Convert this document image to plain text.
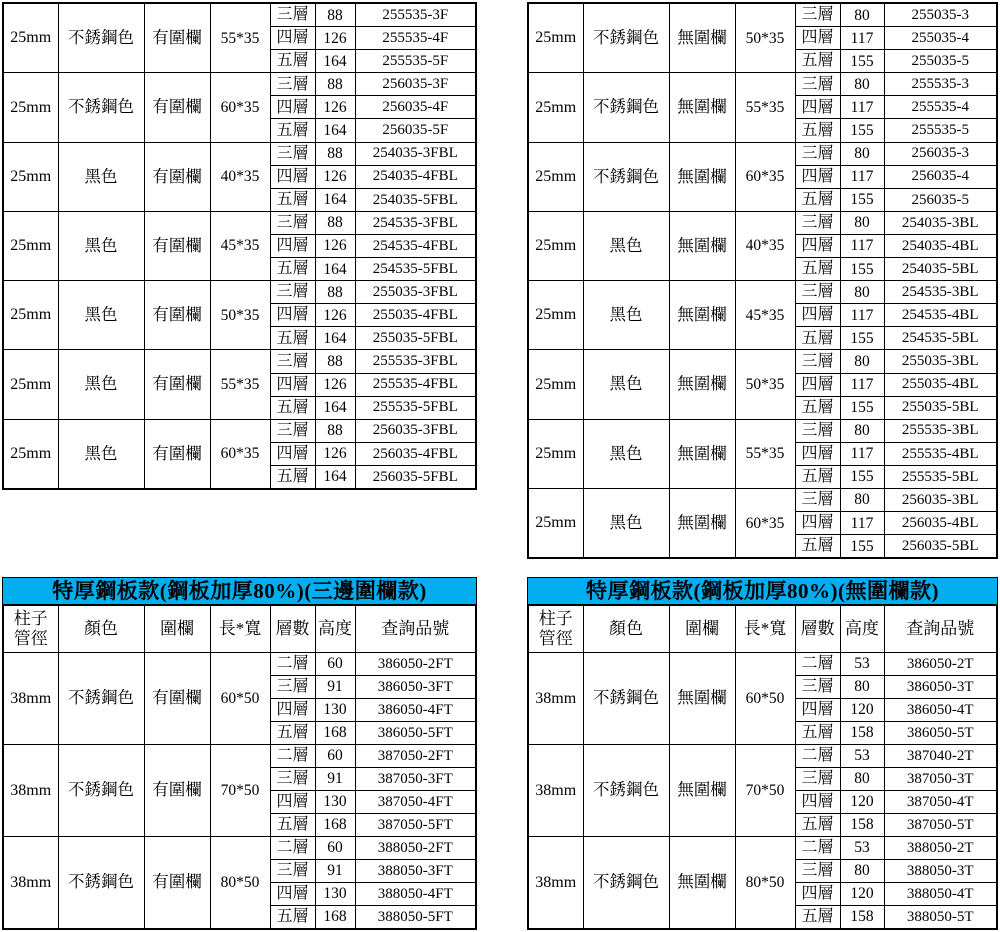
25mm	不銹鋼色	有圍欄	55*35	三層	88	255535-3F
				四層	126	255535-4F
				五層	164	255535-5F
25mm	不銹鋼色	有圍欄	60*35	三層	88	256035-3F
				四層	126	256035-4F
				五層	164	256035-5F
25mm	黑色	有圍欄	40*35	三層	88	254035-3FBL
				四層	126	254035-4FBL
				五層	164	254035-5FBL
25mm	黑色	有圍欄	45*35	三層	88	254535-3FBL
				四層	126	254535-4FBL
				五層	164	254535-5FBL
25mm	黑色	有圍欄	50*35	三層	88	255035-3FBL
				四層	126	255035-4FBL
				五層	164	255035-5FBL
25mm	黑色	有圍欄	55*35	三層	88	255535-3FBL
				四層	126	255535-4FBL
				五層	164	255535-5FBL
25mm	黑色	有圍欄	60*35	三層	88	256035-3FBL
				四層	126	256035-4FBL
				五層	164	256035-5FBL
25mm	不銹鋼色	無圍欄	50*35	三層	80	255035-3
				四層	117	255035-4
				五層	155	255035-5
25mm	不銹鋼色	無圍欄	55*35	三層	80	255535-3
				四層	117	255535-4
				五層	155	255535-5
25mm	不銹鋼色	無圍欄	60*35	三層	80	256035-3
				四層	117	256035-4
				五層	155	256035-5
25mm	黑色	無圍欄	40*35	三層	80	254035-3BL
				四層	117	254035-4BL
				五層	155	254035-5BL
25mm	黑色	無圍欄	45*35	三層	80	254535-3BL
				四層	117	254535-4BL
				五層	155	254535-5BL
25mm	黑色	無圍欄	50*35	三層	80	255035-3BL
				四層	117	255035-4BL
				五層	155	255035-5BL
25mm	黑色	無圍欄	55*35	三層	80	255535-3BL
				四層	117	255535-4BL
				五層	155	255535-5BL
25mm	黑色	無圍欄	60*35	三層	80	256035-3BL
				四層	117	256035-4BL
				五層	155	256035-5BL
特厚鋼板款(鋼板加厚80%)(三邊圍欄款)
柱子
管徑	顏色	圍欄	長*寬	層數	高度	查詢品號
38mm	不銹鋼色	有圍欄	60*50	二層	60	386050-2FT
				三層	91	386050-3FT
				四層	130	386050-4FT
				五層	168	386050-5FT
38mm	不銹鋼色	有圍欄	70*50	二層	60	387050-2FT
				三層	91	387050-3FT
				四層	130	387050-4FT
				五層	168	387050-5FT
38mm	不銹鋼色	有圍欄	80*50	二層	60	388050-2FT
				三層	91	388050-3FT
				四層	130	388050-4FT
				五層	168	388050-5FT
特厚鋼板款(鋼板加厚80%)(無圍欄款)
柱子
管徑	顏色	圍欄	長*寬	層數	高度	查詢品號
38mm	不銹鋼色	無圍欄	60*50	二層	53	386050-2T
				三層	80	386050-3T
				四層	120	386050-4T
				五層	158	386050-5T
38mm	不銹鋼色	無圍欄	70*50	二層	53	387040-2T
				三層	80	387050-3T
				四層	120	387050-4T
				五層	158	387050-5T
38mm	不銹鋼色	無圍欄	80*50	二層	53	388050-2T
				三層	80	388050-3T
				四層	120	388050-4T
				五層	158	388050-5T
